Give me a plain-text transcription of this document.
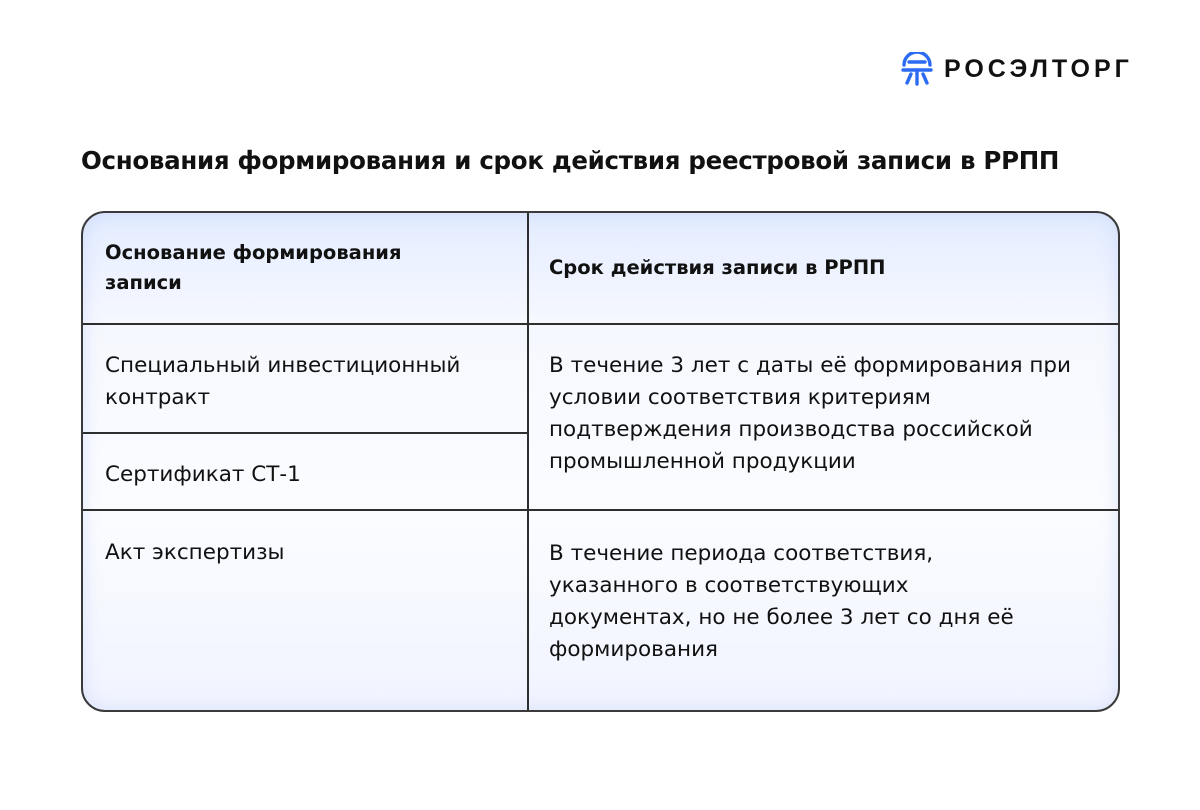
РОСЭЛТОРГ
Основания формирования и срок действия реестровой записи в РРПП
Основание формирования записи
Срок действия записи в РРПП
Специальный инвестиционный контракт
Сертификат СТ-1
Акт экспертизы
В течение 3 лет с даты её формирования при условии соответствия критериям подтверждения производства российской промышленной продукции
В течение периода соответствия, указанного в соответствующих документах, но не более 3 лет со дня её формирования
